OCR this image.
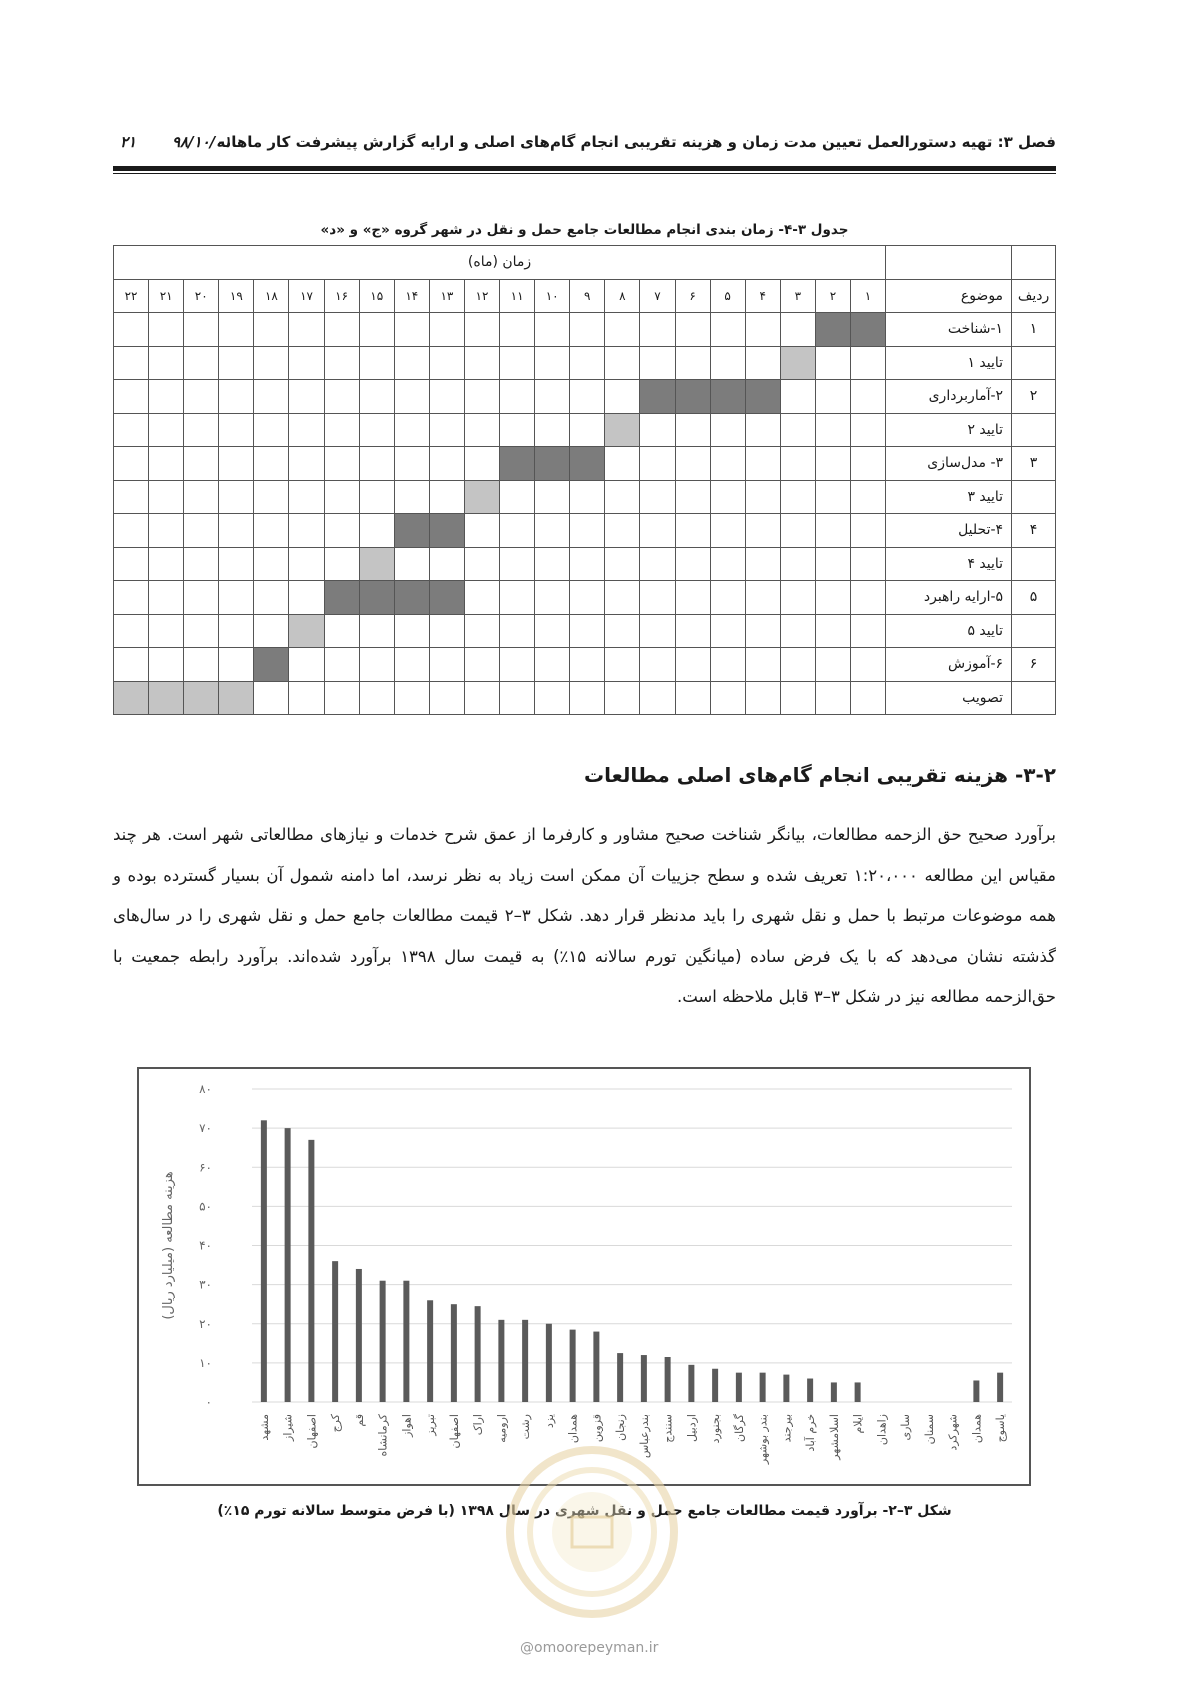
فصل ۳: تهیه دستورالعمل تعیین مدت زمان و هزینه تقریبی انجام گام‌های اصلی و ارایه گزارش پیشرفت کار ماهانه
۹۸/۱۰/۰۱
۲۱
جدول ۳-۴- زمان بندی انجام مطالعات جامع حمل و نقل در شهر گروه «ج» و «د»
		زمان (ماه)																					
ردیف	موضوع	۱	۲	۳	۴	۵	۶	۷	۸	۹	۱۰	۱۱	۱۲	۱۳	۱۴	۱۵	۱۶	۱۷	۱۸	۱۹	۲۰	۲۱	۲۲
۱	۱-شناخت																						
	تایید ۱																						
۲	۲-آماربرداری																						
	تایید ۲																						
۳	۳- مدل‌سازی																						
	تایید ۳																						
۴	۴-تحلیل																						
	تایید ۴																						
۵	۵-ارایه راهبرد																						
	تایید ۵																						
۶	۶-آموزش																						
	تصویب																						
۳-۲- هزینه تقریبی انجام گام‌های اصلی مطالعات
برآورد صحیح حق الزحمه مطالعات، بیانگر شناخت صحیح مشاور و کارفرما از عمق شرح خدمات و نیازهای مطالعاتی شهر است. هر چند مقیاس این مطالعه ۱:۲۰،۰۰۰ تعریف شده و سطح جزییات آن ممکن است زیاد به نظر نرسد، اما دامنه شمول آن بسیار گسترده بوده و همه موضوعات مرتبط با حمل و نقل شهری را باید مدنظر قرار دهد. شکل ۳–۲ قیمت مطالعات جامع حمل و نقل شهری را در سال‌های گذشته نشان می‌دهد که با یک فرض ساده (میانگین تورم سالانه ۱۵٪) به قیمت سال ۱۳۹۸ برآورد شده‌اند. برآورد رابطه جمعیت با حق‌الزحمه مطالعه نیز در شکل ۳–۳ قابل ملاحظه است.
۰
۱۰
۲۰
۳۰
۴۰
۵۰
۶۰
۷۰
۸۰
هزینه مطالعه (میلیارد ریال)
مشهد شیراز اصفهان کرج قم کرمانشاه اهواز تبریز اصفهان اراک ارومیه رشت یزد همدان قزوین زنجان بندرعباس سنندج اردبیل بجنورد گرگان بندر بوشهر بیرجند خرم آباد اسلامشهر ایلام زاهدان ساری سمنان شهرکرد همدان یاسوج
شکل ۳–۲- برآورد قیمت مطالعات جامع حمل و نقل شهری در سال ۱۳۹۸ (با فرض متوسط سالانه تورم ۱۵٪)
@omoorepeyman.ir
